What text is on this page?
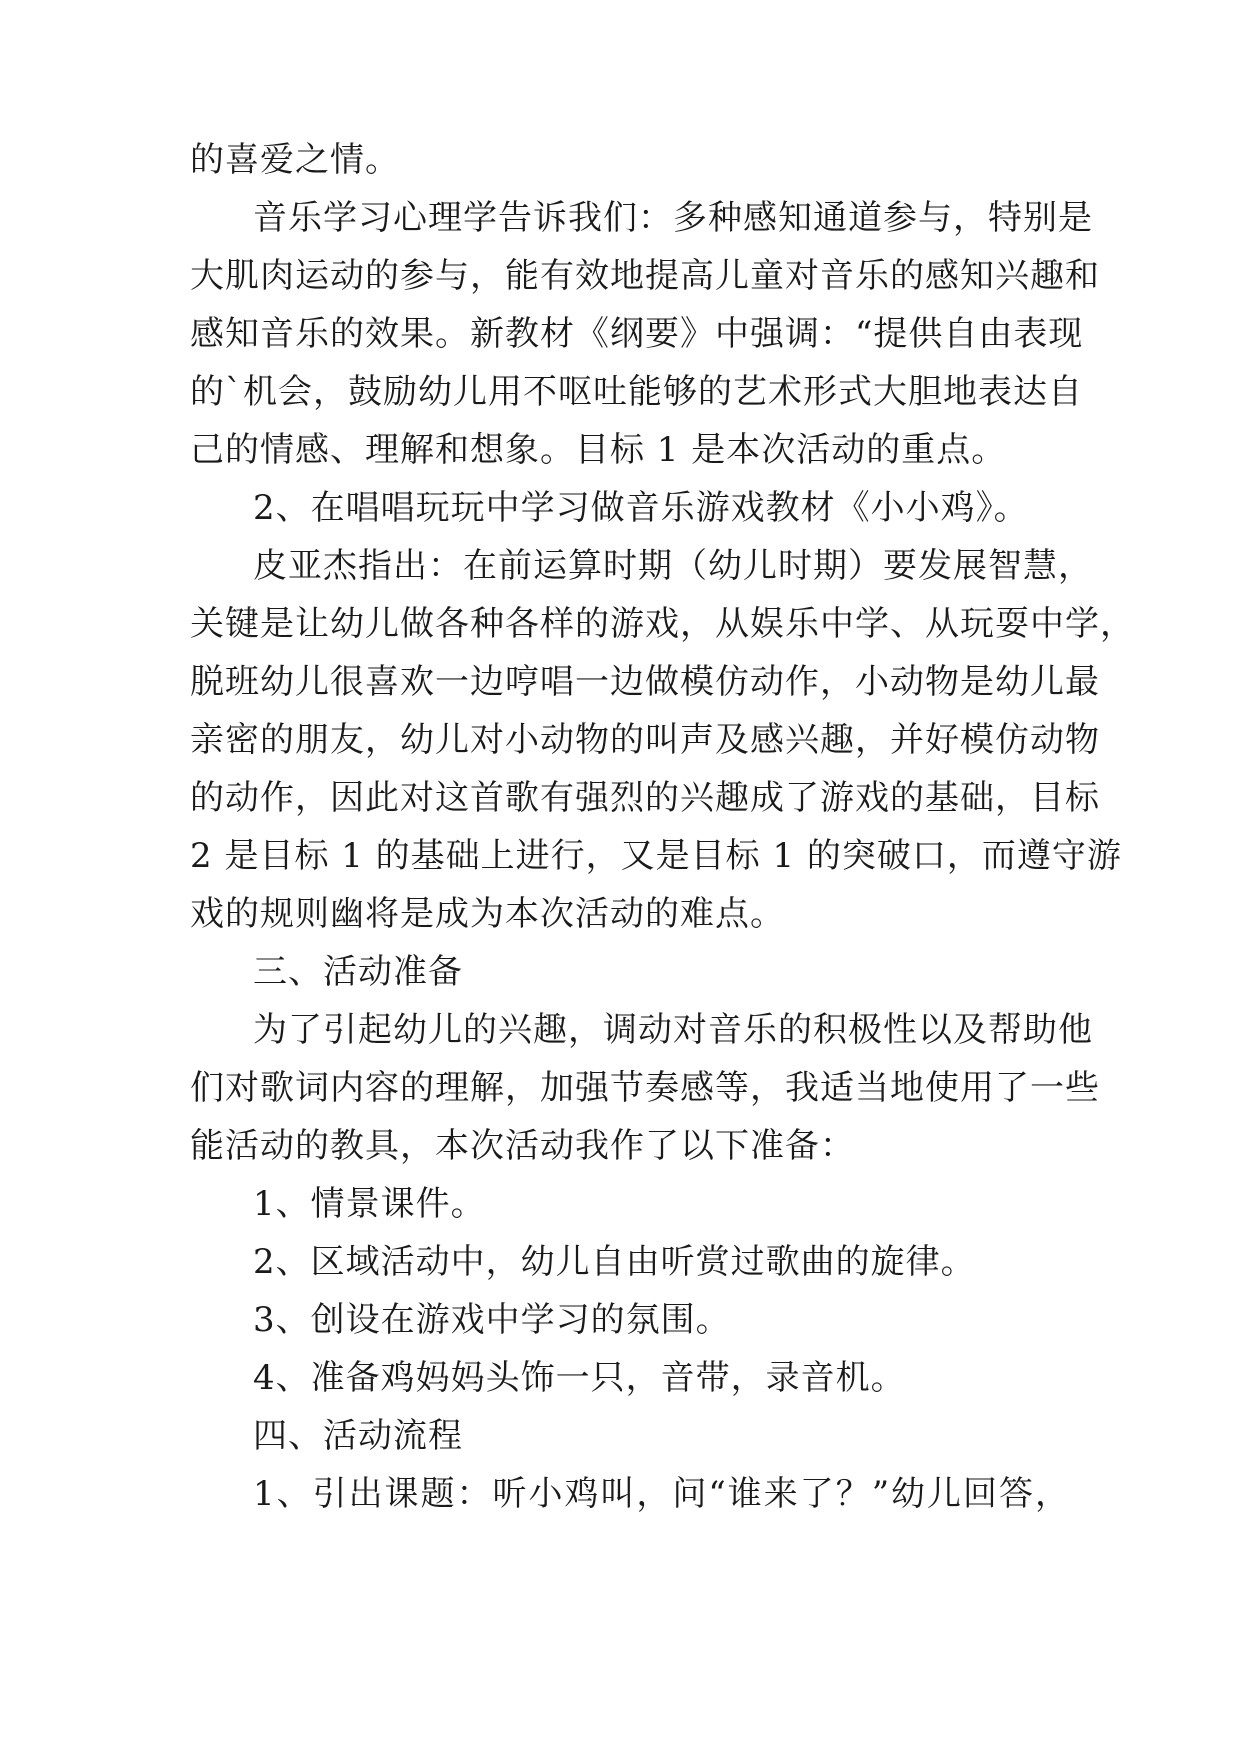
的喜爱之情。
音乐学习心理学告诉我们：多种感知通道参与，特别是
大肌肉运动的参与，能有效地提高儿童对音乐的感知兴趣和
感知音乐的效果。新教材《纲要》中强调：“提供自由表现
的`机会，鼓励幼儿用不呕吐能够的艺术形式大胆地表达自
己的情感、理解和想象。目标 1 是本次活动的重点。
2、在唱唱玩玩中学习做音乐游戏教材《小小鸡》。
皮亚杰指出：在前运算时期（幼儿时期）要发展智慧，
关键是让幼儿做各种各样的游戏，从娱乐中学、从玩耍中学，
脱班幼儿很喜欢一边哼唱一边做模仿动作，小动物是幼儿最
亲密的朋友，幼儿对小动物的叫声及感兴趣，并好模仿动物
的动作，因此对这首歌有强烈的兴趣成了游戏的基础，目标
2 是目标 1 的基础上进行，又是目标 1 的突破口，而遵守游
戏的规则幽将是成为本次活动的难点。
三、活动准备
为了引起幼儿的兴趣，调动对音乐的积极性以及帮助他
们对歌词内容的理解，加强节奏感等，我适当地使用了一些
能活动的教具，本次活动我作了以下准备：
1、情景课件。
2、区域活动中，幼儿自由听赏过歌曲的旋律。
3、创设在游戏中学习的氛围。
4、准备鸡妈妈头饰一只，音带，录音机。
四、活动流程
1、引出课题：听小鸡叫，问“谁来了？”幼儿回答，
